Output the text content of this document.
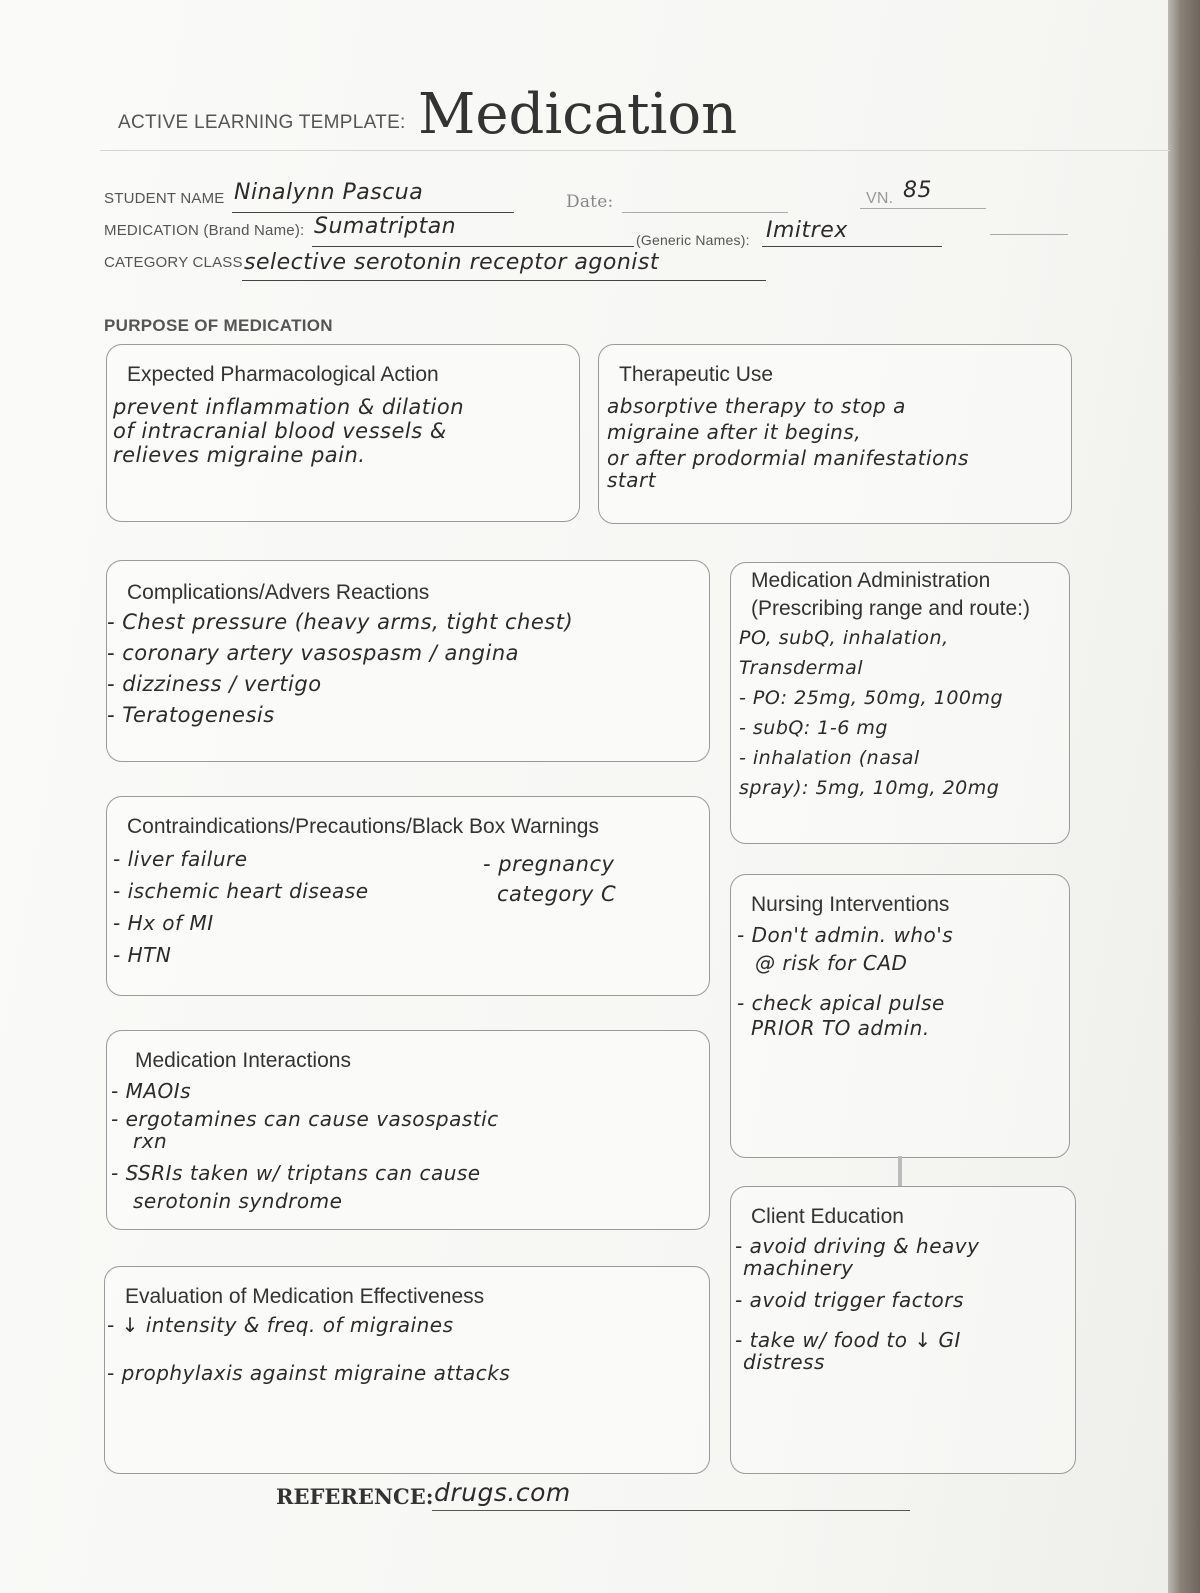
ACTIVE LEARNING TEMPLATE: Medication
STUDENT NAME Ninalynn Pascua	Date:	VN. 85
MEDICATION (Brand Name): Sumatriptan
(Generic Names): Imitrex
CATEGORY CLASS selective serotonin receptor agonist
PURPOSE OF MEDICATION
Expected Pharmacological Action
prevent inflammation & dilation
of intracranial blood vessels &
relieves migraine pain.
Therapeutic Use
absorptive therapy to stop a
migraine after it begins,
or after prodormial manifestations
start
Complications/Advers Reactions
- Chest pressure (heavy arms, tight chest)
- coronary artery vasospasm / angina
- dizziness / vertigo
- Teratogenesis
Medication Administration
(Prescribing range and route:)
PO, subQ, inhalation,
Transdermal
- PO: 25mg, 50mg, 100mg
- subQ: 1-6 mg
- inhalation (nasal
spray): 5mg, 10mg, 20mg
Contraindications/Precautions/Black Box Warnings
- liver failure
- ischemic heart disease
- Hx of MI
- HTN
- pregnancy
category C	Nursing Interventions
- Don't admin. who's
@ risk for CAD
- check apical pulse
PRIOR TO admin.
Medication Interactions
- MAOIs
- ergotamines can cause vasospastic
rxn
- SSRIs taken w/ triptans can cause
serotonin syndrome
Client Education
- avoid driving & heavy
machinery
- avoid trigger factors
- take w/ food to ↓ GI
distress
Evaluation of Medication Effectiveness
- ↓ intensity & freq. of migraines

- prophylaxis against migraine attacks
REFERENCE: drugs.com
